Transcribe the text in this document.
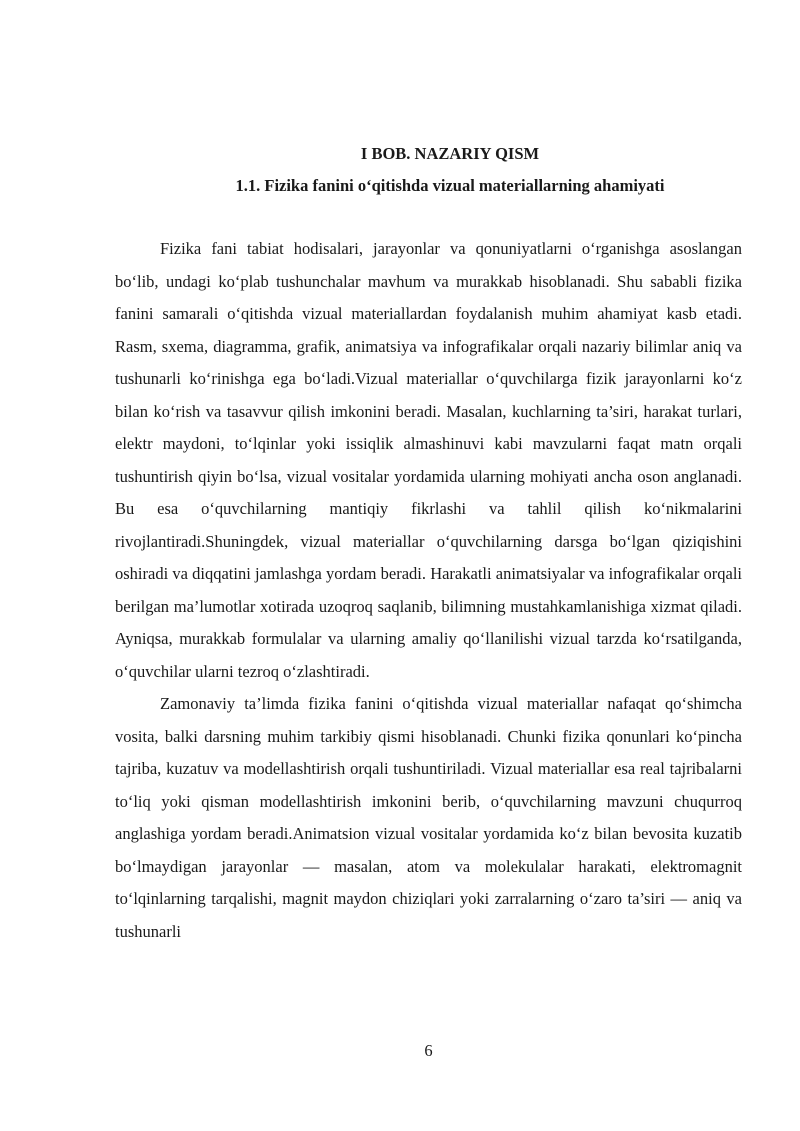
I BOB. NAZARIY QISM
1.1. Fizika fanini o‘qitishda vizual materiallarning ahamiyati

Fizika fani tabiat hodisalari, jarayonlar va qonuniyatlarni o‘rganishga asoslangan bo‘lib, undagi ko‘plab tushunchalar mavhum va murakkab hisoblanadi. Shu sababli fizika fanini samarali o‘qitishda vizual materiallardan foydalanish muhim ahamiyat kasb etadi. Rasm, sxema, diagramma, grafik, animatsiya va infografikalar orqali nazariy bilimlar aniq va tushunarli ko‘rinishga ega bo‘ladi.Vizual materiallar o‘quvchilarga fizik jarayonlarni ko‘z bilan ko‘rish va tasavvur qilish imkonini beradi. Masalan, kuchlarning ta’siri, harakat turlari, elektr maydoni, to‘lqinlar yoki issiqlik almashinuvi kabi mavzularni faqat matn orqali tushuntirish qiyin bo‘lsa, vizual vositalar yordamida ularning mohiyati ancha oson anglanadi. Bu esa o‘quvchilarning mantiqiy fikrlashi va tahlil qilish ko‘nikmalarini rivojlantiradi.Shuningdek, vizual materiallar o‘quvchilarning darsga bo‘lgan qiziqishini oshiradi va diqqatini jamlashga yordam beradi. Harakatli animatsiyalar va infografikalar orqali berilgan ma’lumotlar xotirada uzoqroq saqlanib, bilimning mustahkamlanishiga xizmat qiladi. Ayniqsa, murakkab formulalar va ularning amaliy qo‘llanilishi vizual tarzda ko‘rsatilganda, o‘quvchilar ularni tezroq o‘zlashtiradi.

Zamonaviy ta’limda fizika fanini o‘qitishda vizual materiallar nafaqat qo‘shimcha vosita, balki darsning muhim tarkibiy qismi hisoblanadi. Chunki fizika qonunlari ko‘pincha tajriba, kuzatuv va modellashtirish orqali tushuntiriladi. Vizual materiallar esa real tajribalarni to‘liq yoki qisman modellashtirish imkonini berib, o‘quvchilarning mavzuni chuqurroq anglashiga yordam beradi.Animatsion vizual vositalar yordamida ko‘z bilan bevosita kuzatib bo‘lmaydigan jarayonlar — masalan, atom va molekulalar harakati, elektromagnit to‘lqinlarning tarqalishi, magnit maydon chiziqlari yoki zarralarning o‘zaro ta’siri — aniq va tushunarli

6
